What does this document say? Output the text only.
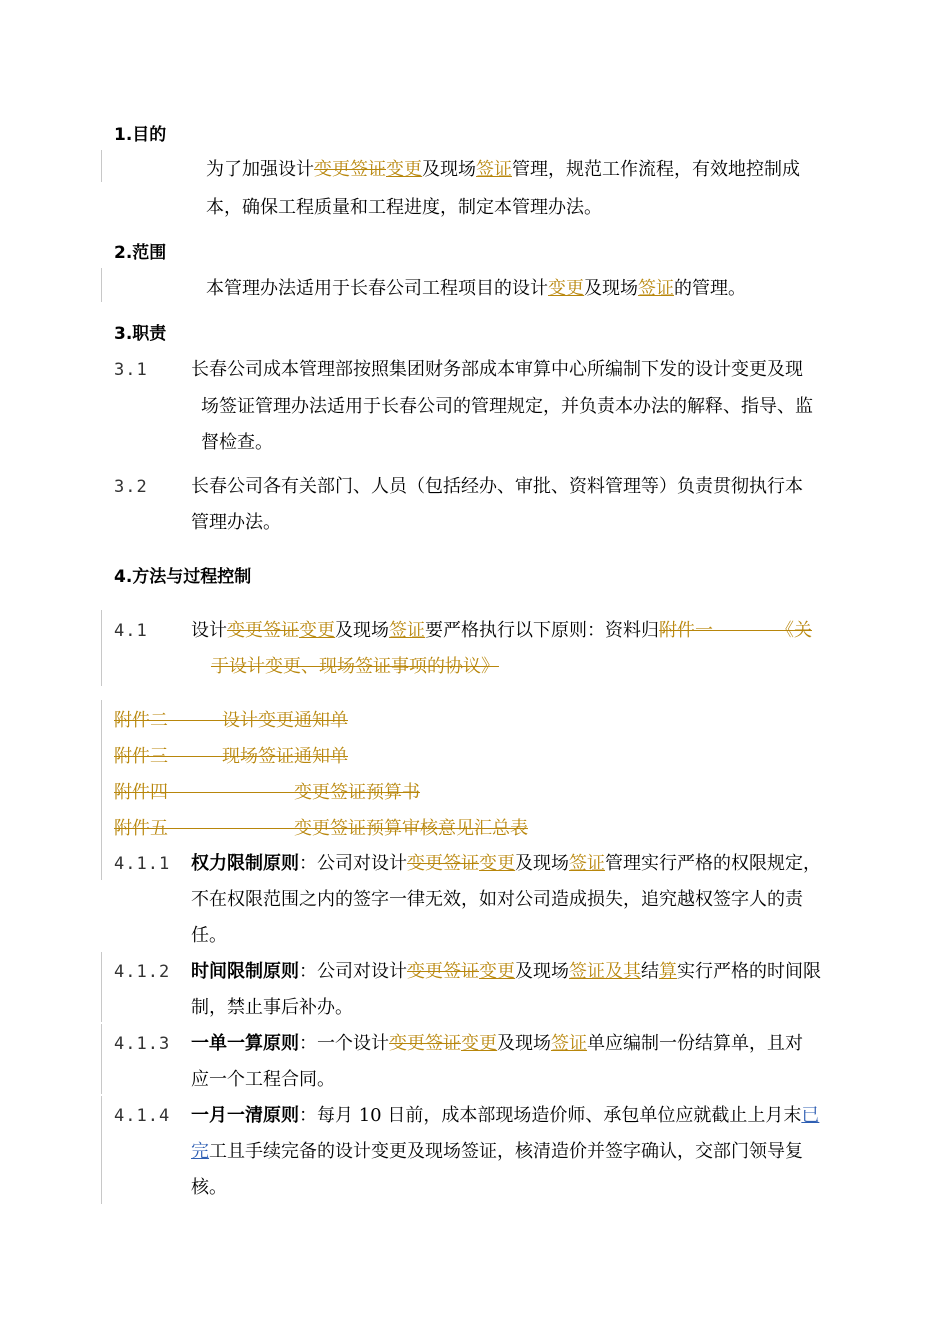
1.目的
为了加强设计变更签证变更及现场签证管理，规范工作流程，有效地控制成
本，确保工程质量和工程进度，制定本管理办法。
2.范围
本管理办法适用于长春公司工程项目的设计变更及现场签证的管理。
3.职责
3.1 长春公司成本管理部按照集团财务部成本审算中心所编制下发的设计变更及现
场签证管理办法适用于长春公司的管理规定，并负责本办法的解释、指导、监
督检查。
3.2 长春公司各有关部门、人员（包括经办、审批、资料管理等）负责贯彻执行本
管理办法。
4.方法与过程控制
4.1 设计变更签证变更及现场签证要严格执行以下原则：资料归附件一　　　　《关
于设计变更、现场签证事项的协议》
附件二　　　设计变更通知单
附件三　　　现场签证通知单
附件四　　　　　　　变更签证预算书
附件五　　　　　　　变更签证预算审核意见汇总表
4.1.1 权力限制原则：公司对设计变更签证变更及现场签证管理实行严格的权限规定，
不在权限范围之内的签字一律无效，如对公司造成损失，追究越权签字人的责
任。
4.1.2 时间限制原则：公司对设计变更签证变更及现场签证及其结算实行严格的时间限
制，禁止事后补办。
4.1.3 一单一算原则：一个设计变更签证变更及现场签证单应编制一份结算单，且对
应一个工程合同。
4.1.4 一月一清原则：每月 10 日前，成本部现场造价师、承包单位应就截止上月末已
完工且手续完备的设计变更及现场签证，核清造价并签字确认，交部门领导复
核。
